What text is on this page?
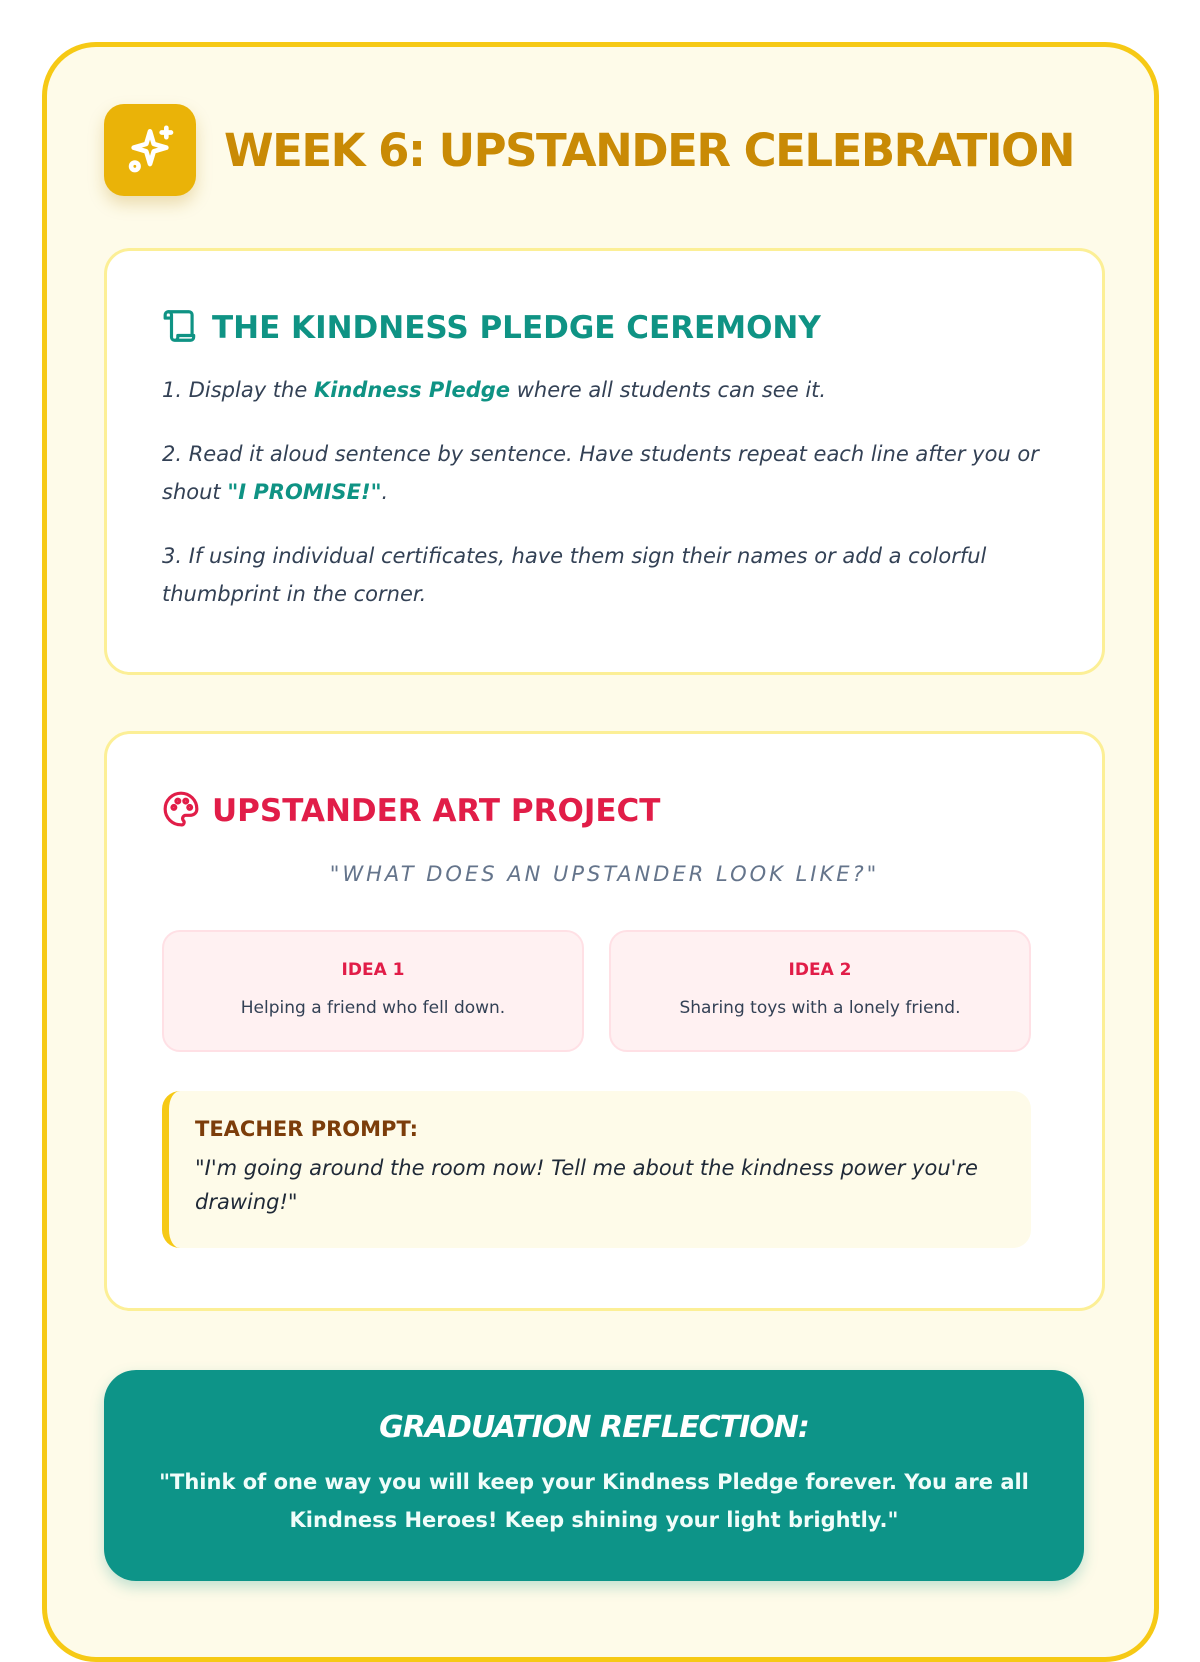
WEEK 6: UPSTANDER CELEBRATION
THE KINDNESS PLEDGE CEREMONY

1. Display the Kindness Pledge where all students can see it.

2. Read it aloud sentence by sentence. Have students repeat each line after you or shout "I PROMISE!".

3. If using individual certificates, have them sign their names or add a colorful thumbprint in the corner.

UPSTANDER ART PROJECT
"WHAT DOES AN UPSTANDER LOOK LIKE?"
IDEA 1
Helping a friend who fell down.
IDEA 2
Sharing toys with a lonely friend.
TEACHER PROMPT:
"I'm going around the room now! Tell me about the kindness power you're drawing!"
GRADUATION REFLECTION:
"Think of one way you will keep your Kindness Pledge forever. You are all Kindness Heroes! Keep shining your light brightly."
